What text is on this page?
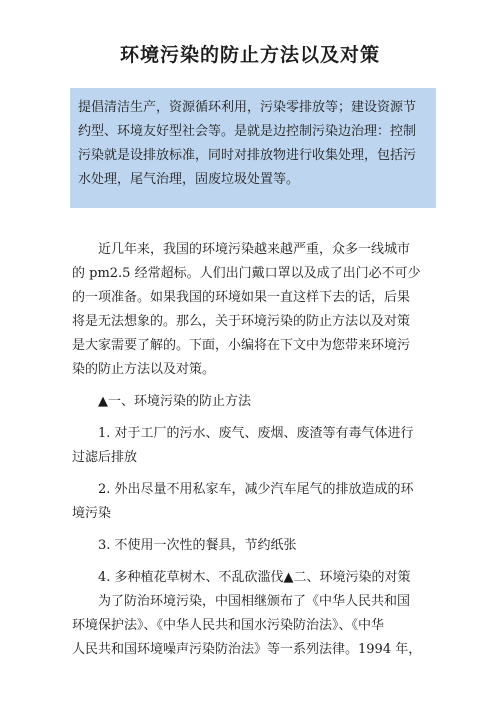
环境污染的防止方法以及对策
提倡清洁生产，资源循环利用，污染零排放等；建设资源节
约型、环境友好型社会等。是就是边控制污染边治理：控制
污染就是设排放标准，同时对排放物进行收集处理，包括污
水处理，尾气治理，固废垃圾处置等。
　　近几年来，我国的环境污染越来越严重，众多一线城市
的 pm2.5 经常超标。人们出门戴口罩以及成了出门必不可少
的一项准备。如果我国的环境如果一直这样下去的话，后果
将是无法想象的。那么，关于环境污染的防止方法以及对策
是大家需要了解的。下面，小编将在下文中为您带来环境污
染的防止方法以及对策。
　　▲一、环境污染的防止方法
　　1. 对于工厂的污水、废气、废烟、废渣等有毒气体进行
过滤后排放
　　2. 外出尽量不用私家车，减少汽车尾气的排放造成的环
境污染
　　3. 不使用一次性的餐具，节约纸张
　　4. 多种植花草树木、不乱砍滥伐▲二、环境污染的对策
　　为了防治环境污染，中国相继颁布了《中华人民共和国
环境保护法》、《中华人民共和国水污染防治法》、《中华
人民共和国环境噪声污染防治法》等一系列法律。1994 年，
